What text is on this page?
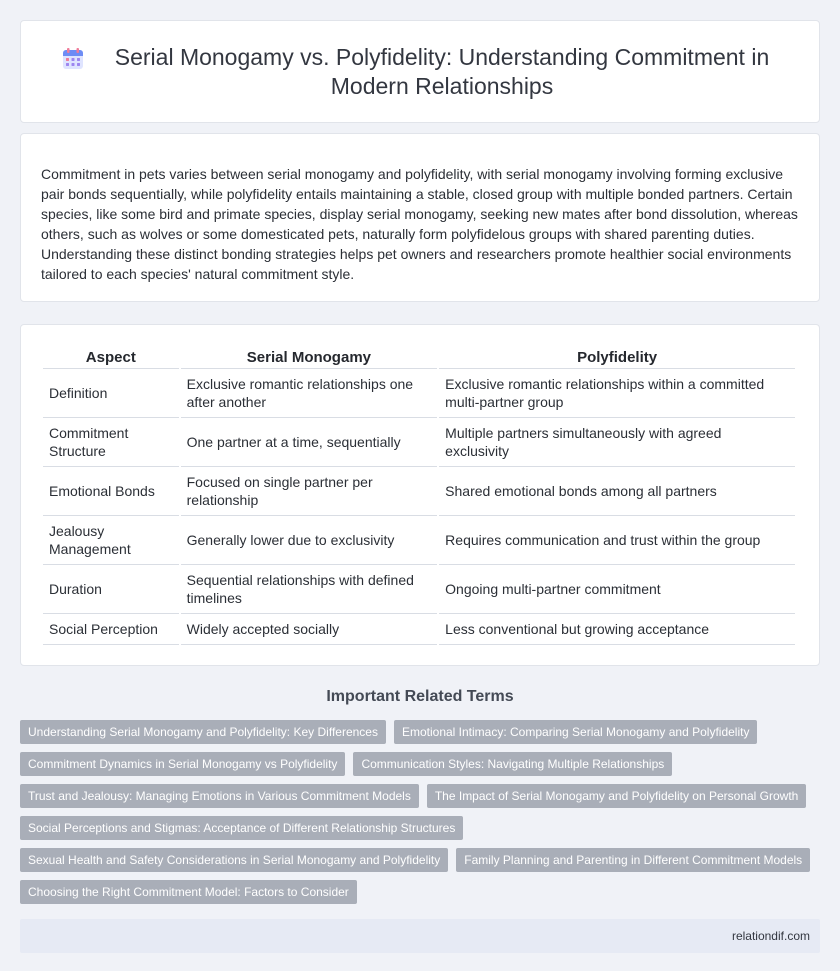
Serial Monogamy vs. Polyfidelity: Understanding Commitment in Modern Relationships

Commitment in pets varies between serial monogamy and polyfidelity, with serial monogamy involving forming exclusive pair bonds sequentially, while polyfidelity entails maintaining a stable, closed group with multiple bonded partners. Certain species, like some bird and primate species, display serial monogamy, seeking new mates after bond dissolution, whereas others, such as wolves or some domesticated pets, naturally form polyfidelous groups with shared parenting duties. Understanding these distinct bonding strategies helps pet owners and researchers promote healthier social environments tailored to each species' natural commitment style.

Aspect	Serial Monogamy	Polyfidelity
Definition	Exclusive romantic relationships one after another	Exclusive romantic relationships within a committed multi-partner group
Commitment Structure	One partner at a time, sequentially	Multiple partners simultaneously with agreed exclusivity
Emotional Bonds	Focused on single partner per relationship	Shared emotional bonds among all partners
Jealousy Management	Generally lower due to exclusivity	Requires communication and trust within the group
Duration	Sequential relationships with defined timelines	Ongoing multi-partner commitment
Social Perception	Widely accepted socially	Less conventional but growing acceptance
Important Related Terms
Understanding Serial Monogamy and Polyfidelity: Key Differences	Emotional Intimacy: Comparing Serial Monogamy and Polyfidelity
Commitment Dynamics in Serial Monogamy vs Polyfidelity	Communication Styles: Navigating Multiple Relationships
Trust and Jealousy: Managing Emotions in Various Commitment Models	The Impact of Serial Monogamy and Polyfidelity on Personal Growth
Social Perceptions and Stigmas: Acceptance of Different Relationship Structures
Sexual Health and Safety Considerations in Serial Monogamy and Polyfidelity	Family Planning and Parenting in Different Commitment Models
Choosing the Right Commitment Model: Factors to Consider
relationdif.com
